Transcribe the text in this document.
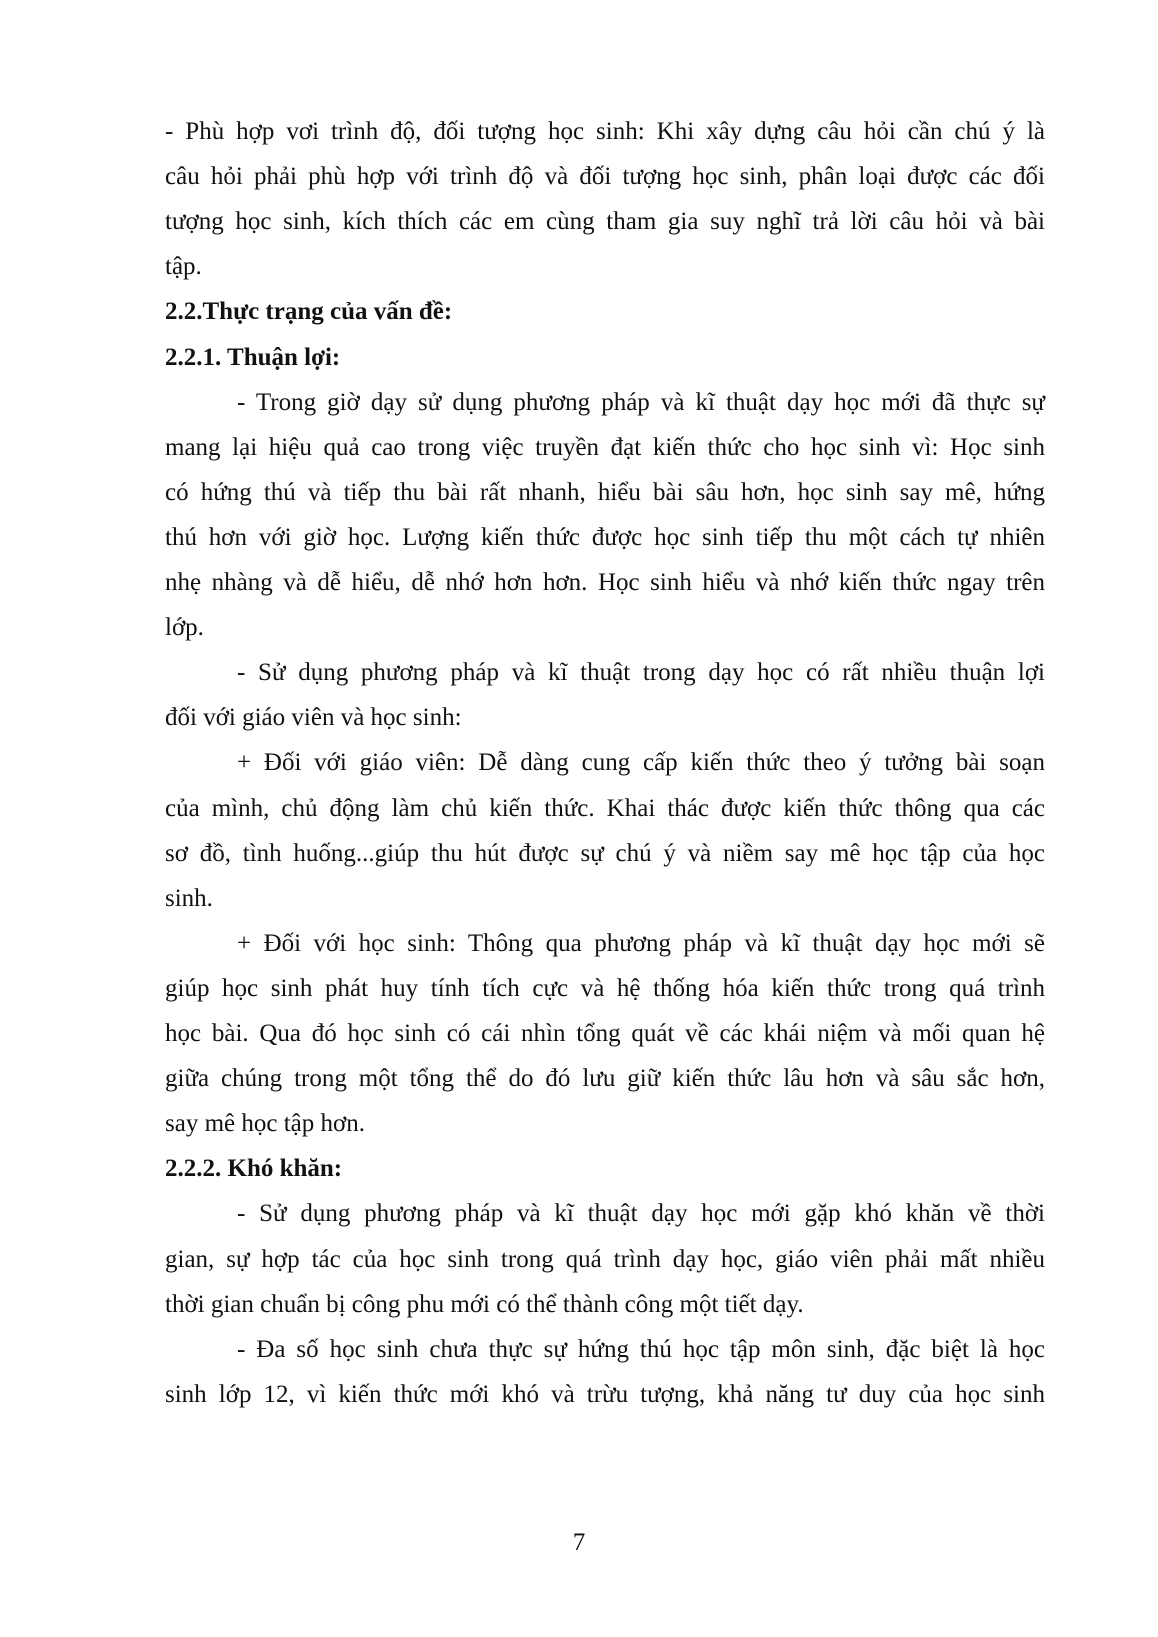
- Phù hợp vơi trình độ, đối tượng học sinh: Khi xây dựng câu hỏi cần chú ý là
câu hỏi phải phù hợp với trình độ và đối tượng học sinh, phân loại được các đối
tượng học sinh, kích thích các em cùng tham gia suy nghĩ trả lời câu hỏi và bài
tập.
2.2.Thực trạng của vấn đề:
2.2.1. Thuận lợi:
- Trong giờ dạy sử dụng phương pháp và kĩ thuật dạy học mới đã thực sự
mang lại hiệu quả cao trong việc truyền đạt kiến thức cho học sinh vì: Học sinh
có hứng thú và tiếp thu bài rất nhanh, hiểu bài sâu hơn, học sinh say mê, hứng
thú hơn với giờ học. Lượng kiến thức được học sinh tiếp thu một cách tự nhiên
nhẹ nhàng và dễ hiểu, dễ nhớ hơn hơn. Học sinh hiểu và nhớ kiến thức ngay trên
lớp.
- Sử dụng phương pháp và kĩ thuật trong dạy học có rất nhiều thuận lợi
đối với giáo viên và học sinh:
+ Đối với giáo viên: Dễ dàng cung cấp kiến thức theo ý tưởng bài soạn
của mình, chủ động làm chủ kiến thức. Khai thác được kiến thức thông qua các
sơ đồ, tình huống...giúp thu hút được sự chú ý và niềm say mê học tập của học
sinh.
+ Đối với học sinh: Thông qua phương pháp và kĩ thuật dạy học mới sẽ
giúp học sinh phát huy tính tích cực và hệ thống hóa kiến thức trong quá trình
học bài. Qua đó học sinh có cái nhìn tổng quát về các khái niệm và mối quan hệ
giữa chúng trong một tổng thể do đó lưu giữ kiến thức lâu hơn và sâu sắc hơn,
say mê học tập hơn.
2.2.2. Khó khăn:
- Sử dụng phương pháp và kĩ thuật dạy học mới gặp khó khăn về thời
gian, sự hợp tác của học sinh trong quá trình dạy học, giáo viên phải mất nhiều
thời gian chuẩn bị công phu mới có thể thành công một tiết dạy.
- Đa số học sinh chưa thực sự hứng thú học tập môn sinh, đặc biệt là học
sinh lớp 12, vì kiến thức mới khó và trừu tượng, khả năng tư duy của học sinh
7
